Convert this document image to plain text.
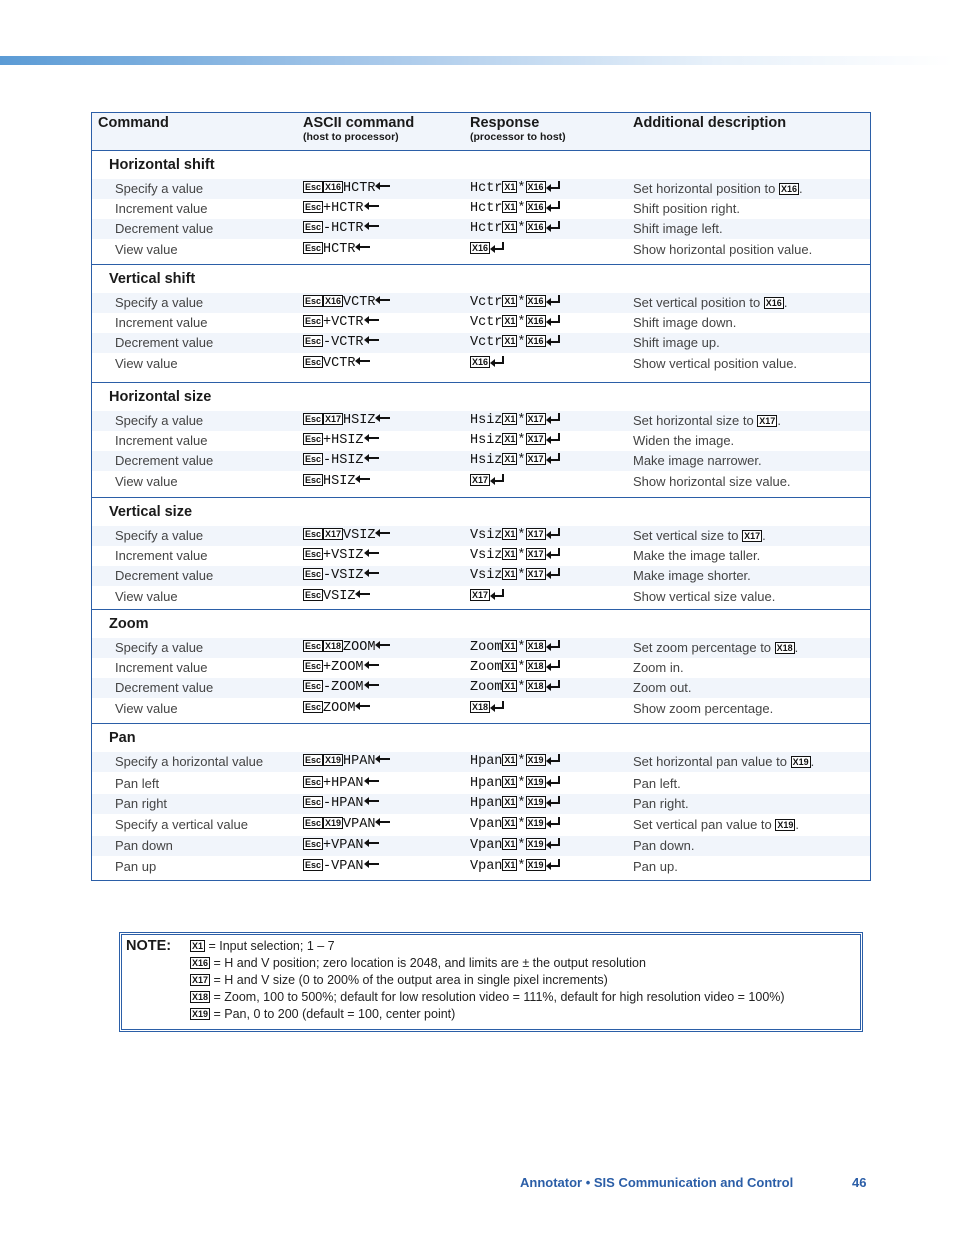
Command	ASCII command
(host to processor)
Response
(processor to host)
Additional description
Horizontal shift
Specify a value	Esc X16 HCTR	Hctr X1 * X16	Set horizontal position to X16 .
Increment value	Esc +HCTR	Hctr X1 * X16	Shift position right.
Decrement value	Esc -HCTR	Hctr X1 * X16	Shift image left.
View value	Esc HCTR	X16	Show horizontal position value.
Vertical shift
Specify a value	Esc X16 VCTR	Vctr X1 * X16	Set vertical position to X16 .
Increment value	Esc +VCTR	Vctr X1 * X16	Shift image down.
Decrement value	Esc -VCTR	Vctr X1 * X16	Shift image up.
View value	Esc VCTR	X16	Show vertical position value.
Horizontal size
Specify a value	Esc X17 HSIZ	Hsiz X1 * X17	Set horizontal size to X17 .
Increment value	Esc +HSIZ	Hsiz X1 * X17	Widen the image.
Decrement value	Esc -HSIZ	Hsiz X1 * X17	Make image narrower.
View value	Esc HSIZ	X17	Show horizontal size value.
Vertical size
Specify a value	Esc X17 VSIZ	Vsiz X1 * X17	Set vertical size to X17 .
Increment value	Esc +VSIZ	Vsiz X1 * X17	Make the image taller.
Decrement value	Esc -VSIZ	Vsiz X1 * X17	Make image shorter.
View value	Esc VSIZ	X17	Show vertical size value.
Zoom
Specify a value	Esc X18 ZOOM	Zoom X1 * X18	Set zoom percentage to X18 .
Increment value	Esc +ZOOM	Zoom X1 * X18	Zoom in.
Decrement value	Esc -ZOOM	Zoom X1 * X18	Zoom out.
View value	Esc ZOOM	X18	Show zoom percentage.
Pan
Specify a horizontal value	Esc X19 HPAN	Hpan X1 * X19	Set horizontal pan value to X19 .
Pan left	Esc +HPAN	Hpan X1 * X19	Pan left.
Pan right	Esc -HPAN	Hpan X1 * X19	Pan right.
Specify a vertical value	Esc X19 VPAN	Vpan X1 * X19	Set vertical pan value to X19 .
Pan down	Esc +VPAN	Vpan X1 * X19	Pan down.
Pan up	Esc -VPAN	Vpan X1 * X19	Pan up.
NOTE: X1 = Input selection; 1 – 7
X16 = H and V position; zero location is 2048, and limits are ± the output resolution
X17 = H and V size (0 to 200% of the output area in single pixel increments)
X18 = Zoom, 100 to 500%; default for low resolution video = 111%, default for high resolution video = 100%)
X19 = Pan, 0 to 200 (default = 100, center point)
Annotator • SIS Communication and Control	46
